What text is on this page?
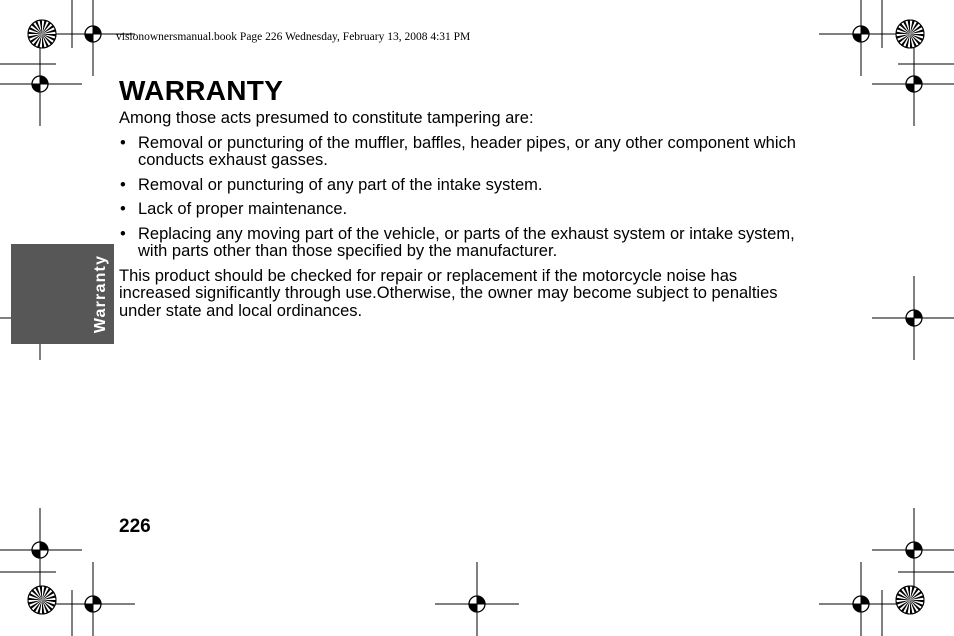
visionownersmanual.book Page 226 Wednesday, February 13, 2008 4:31 PM
Warranty
WARRANTY

Among those acts presumed to constitute tampering are:

• Removal or puncturing of the muffler, baffles, header pipes, or any other component which conducts exhaust gasses.
• Removal or puncturing of any part of the intake system.
• Lack of proper maintenance.
• Replacing any moving part of the vehicle, or parts of the exhaust system or intake system, with parts other than those specified by the manufacturer.

This product should be checked for repair or replacement if the motorcycle noise has increased significantly through use.Otherwise, the owner may become subject to penalties under state and local ordinances.

226
